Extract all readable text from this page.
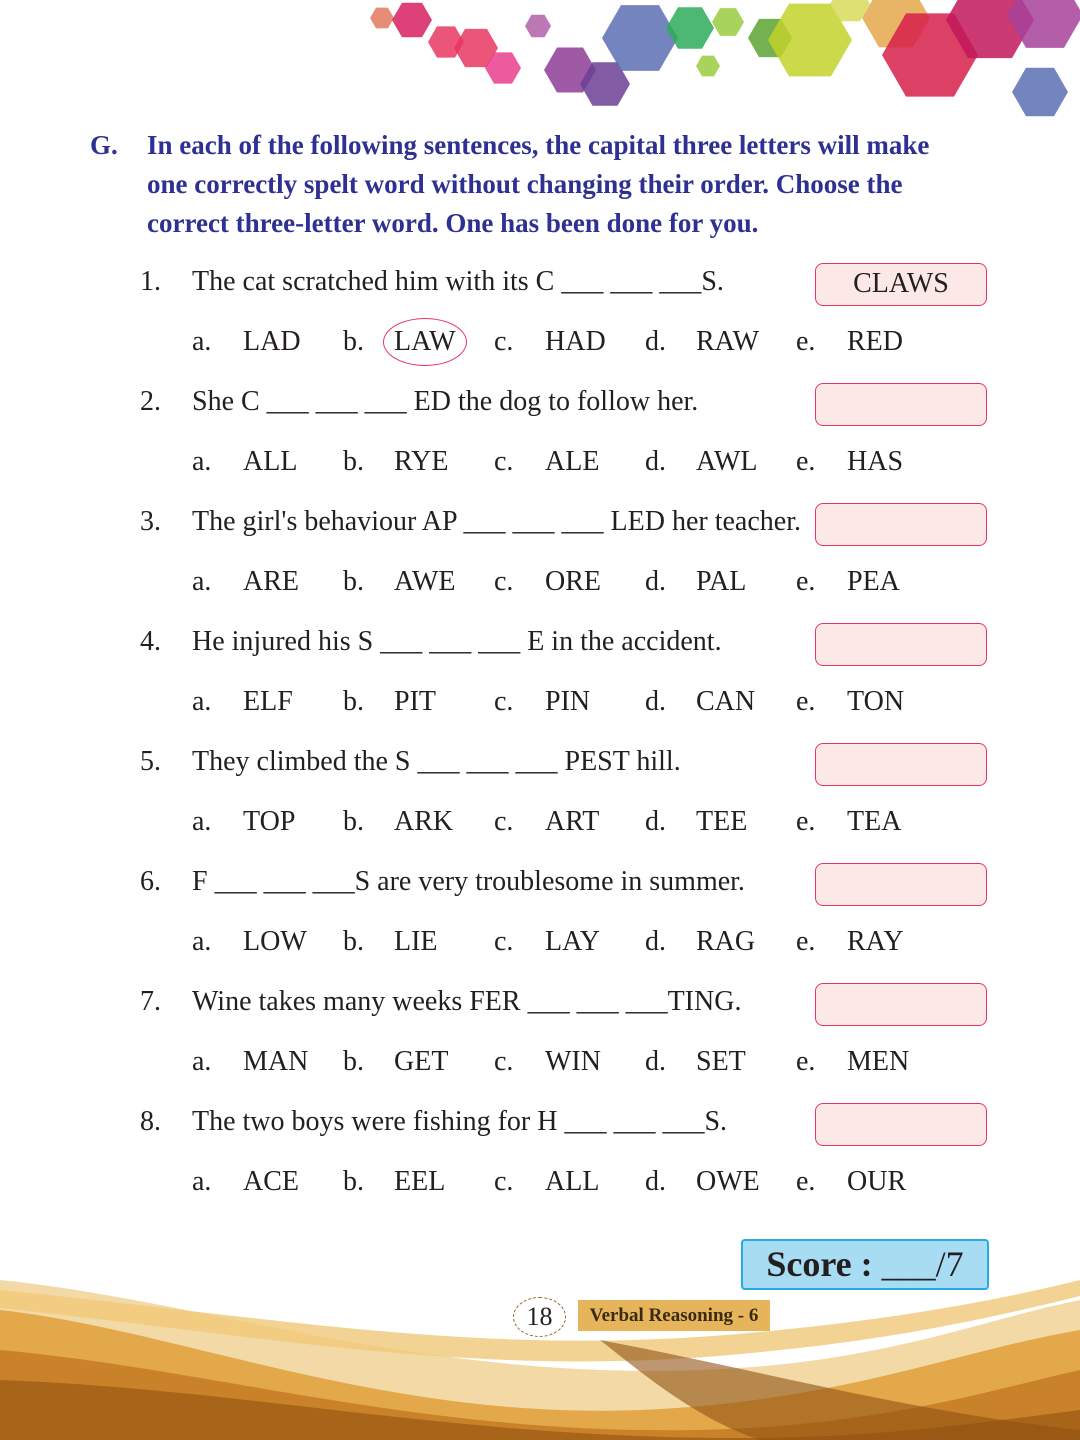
G. In each of the following sentences, the capital three letters will make
one correctly spelt word without changing their order. Choose the
correct three-letter word. One has been done for you.
1. The cat scratched him with its C ___ ___ ___S.	CLAWS
a. LAD b. LAW c. HAD d. RAW e. RED
2. She C ___ ___ ___ ED the dog to follow her.
a. ALL b. RYE c. ALE d. AWL e. HAS
3. The girl's behaviour AP ___ ___ ___ LED her teacher.
a. ARE b. AWE c. ORE d. PAL e. PEA
4. He injured his S ___ ___ ___ E in the accident.
a. ELF b. PIT c. PIN d. CAN e. TON
5. They climbed the S ___ ___ ___ PEST hill.
a. TOP b. ARK c. ART d. TEE e. TEA
6. F ___ ___ ___S are very troublesome in summer.
a. LOW b. LIE c. LAY d. RAG e. RAY
7. Wine takes many weeks FER ___ ___ ___TING.
a. MAN b. GET c. WIN d. SET e. MEN
8. The two boys were fishing for H ___ ___ ___S.
a. ACE b. EEL c. ALL d. OWE e. OUR
Score : ___/7
18	Verbal Reasoning - 6
